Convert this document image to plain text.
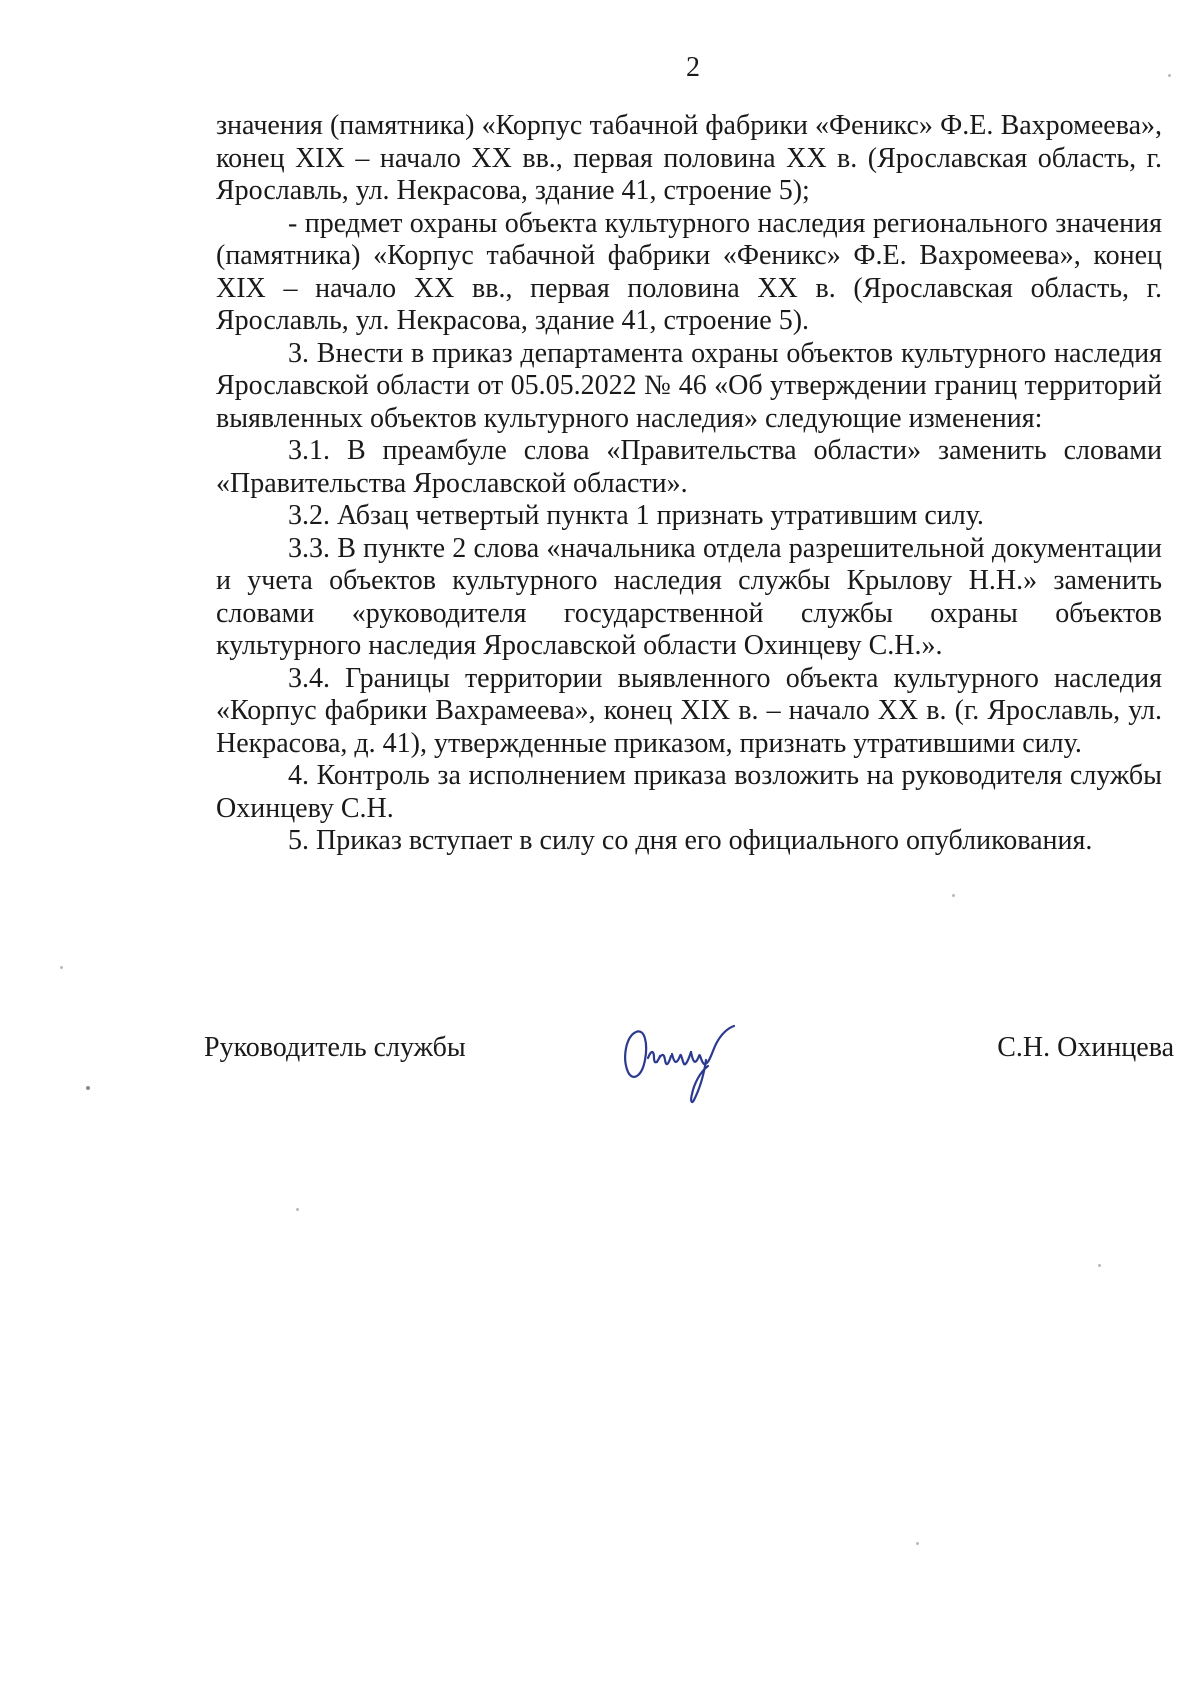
2

значения (памятника) «Корпус табачной фабрики «Феникс» Ф.Е. Вахромеева», конец XIX – начало XX вв., первая половина XX в. (Ярославская область, г. Ярославль, ул. Некрасова, здание 41, строение 5);

- предмет охраны объекта культурного наследия регионального значения (памятника) «Корпус табачной фабрики «Феникс» Ф.Е. Вахромеева», конец XIX – начало XX вв., первая половина XX в. (Ярославская область, г. Ярославль, ул. Некрасова, здание 41, строение 5).

3. Внести в приказ департамента охраны объектов культурного наследия Ярославской области от 05.05.2022 № 46 «Об утверждении границ территорий выявленных объектов культурного наследия» следующие изменения:

3.1. В преамбуле слова «Правительства области» заменить словами «Правительства Ярославской области».

3.2. Абзац четвертый пункта 1 признать утратившим силу.

3.3. В пункте 2 слова «начальника отдела разрешительной документации и учета объектов культурного наследия службы Крылову Н.Н.» заменить словами «руководителя государственной службы охраны объектов культурного наследия Ярославской области Охинцеву С.Н.».

3.4. Границы территории выявленного объекта культурного наследия «Корпус фабрики Вахрамеева», конец XIX в. – начало XX в. (г. Ярославль, ул. Некрасова, д. 41), утвержденные приказом, признать утратившими силу.

4. Контроль за исполнением приказа возложить на руководителя службы Охинцеву С.Н.

5. Приказ вступает в силу со дня его официального опубликования.

Руководитель службы	С.Н. Охинцева
